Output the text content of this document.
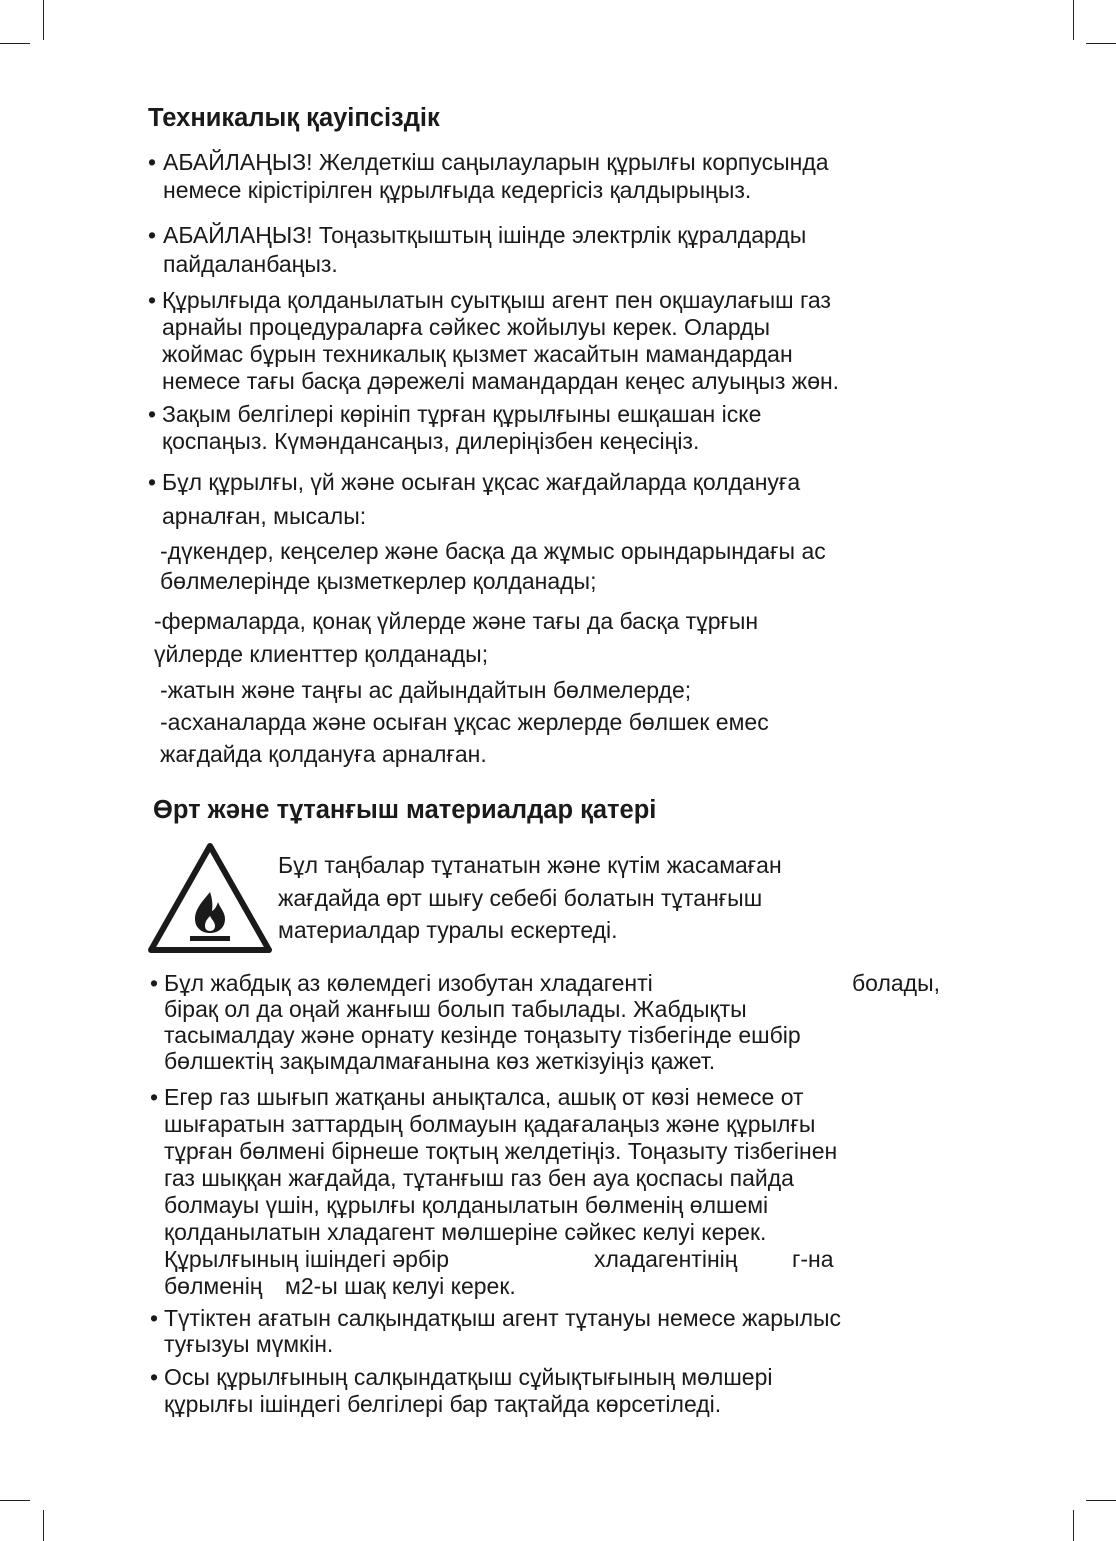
Техникалық қауіпсіздік
• АБАЙЛАҢЫЗ! Желдеткіш саңылауларын құрылғы корпусында
немесе кірістірілген құрылғыда кедергісіз қалдырыңыз.
• АБАЙЛАҢЫЗ! Тоңазытқыштың ішінде электрлік құралдарды
пайдаланбаңыз.
• Құрылғыда қолданылатын суытқыш агент пен оқшаулағыш газ
арнайы процедураларға сәйкес жойылуы керек. Оларды
жоймас бұрын техникалық қызмет жасайтын мамандардан
немесе тағы басқа дәрежелі мамандардан кеңес алуыңыз жөн.
• Зақым белгілері көрініп тұрған құрылғыны ешқашан іске
қоспаңыз. Күмәндансаңыз, дилеріңізбен кеңесіңіз.
• Бұл құрылғы, үй және осыған ұқсас жағдайларда қолдануға
арналған, мысалы:
-дүкендер, кеңселер және басқа да жұмыс орындарындағы ас
бөлмелерінде қызметкерлер қолданады;
-фермаларда, қонақ үйлерде және тағы да басқа тұрғын
үйлерде клиенттер қолданады;
-жатын және таңғы ас дайындайтын бөлмелерде;
-асханаларда және осыған ұқсас жерлерде бөлшек емес
жағдайда қолдануға арналған.
Өрт және тұтанғыш материалдар қатері
Бұл таңбалар тұтанатын және күтім жасамаған
жағдайда өрт шығу себебі болатын тұтанғыш
материалдар туралы ескертеді.
• Бұл жабдық аз көлемдегі изобутан хладагенті	болады,
бірақ ол да оңай жанғыш болып табылады. Жабдықты
тасымалдау және орнату кезінде тоңазыту тізбегінде ешбір
бөлшектің зақымдалмағанына көз жеткізуіңіз қажет.
• Егер газ шығып жатқаны анықталса, ашық от көзі немесе от
шығаратын заттардың болмауын қадағалаңыз және құрылғы
тұрған бөлмені бірнеше тоқтың желдетіңіз. Тоңазыту тізбегінен
газ шыққан жағдайда, тұтанғыш газ бен ауа қоспасы пайда
болмауы үшін, құрылғы қолданылатын бөлменің өлшемі
қолданылатын хладагент мөлшеріне сәйкес келуі керек.
Құрылғының ішіндегі әрбір	хладагентінің г-на
бөлменің м2-ы шақ келуі керек.
• Түтіктен ағатын салқындатқыш агент тұтануы немесе жарылыс
туғызуы мүмкін.
• Осы құрылғының салқындатқыш сұйықтығының мөлшері
құрылғы ішіндегі белгілері бар тақтайда көрсетіледі.
